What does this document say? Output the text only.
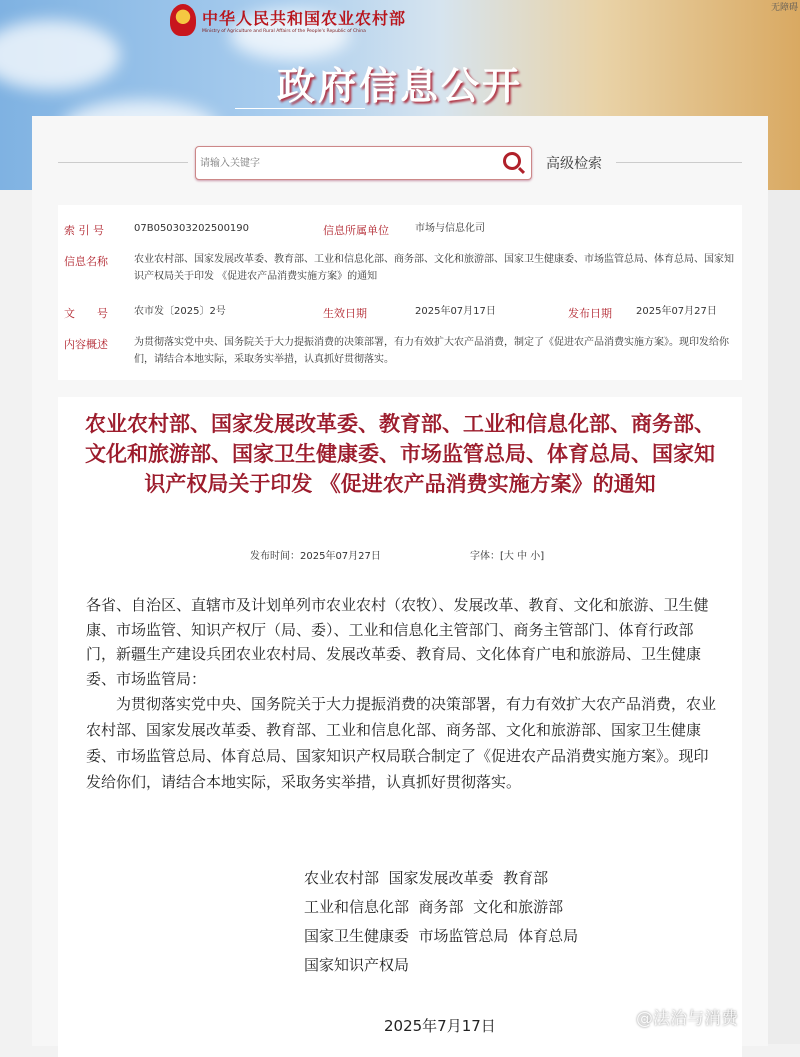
中华人民共和国农业农村部
Ministry of Agriculture and Rural Affairs of the People's Republic of China
无障碍
政府信息公开
请输入关键字
高级检索
索 引 号	07B050303202500190	信息所属单位	市场与信息化司
信息名称	农业农村部、国家发展改革委、教育部、工业和信息化部、商务部、文化和旅游部、国家卫生健康委、市场监管总局、体育总局、国家知识产权局关于印发 《促进农产品消费实施方案》的通知
文　　号	农市发〔2025〕2号	生效日期	2025年07月17日	发布日期 2025年07月27日
内容概述	为贯彻落实党中央、国务院关于大力提振消费的决策部署，有力有效扩大农产品消费，制定了《促进农产品消费实施方案》。现印发给你们，请结合本地实际，采取务实举措，认真抓好贯彻落实。
农业农村部、国家发展改革委、教育部、工业和信息化部、商务部、文化和旅游部、国家卫生健康委、市场监管总局、体育总局、国家知识产权局关于印发 《促进农产品消费实施方案》的通知
发布时间：2025年07月27日	字体：[大 中 小]
各省、自治区、直辖市及计划单列市农业农村（农牧）、发展改革、教育、文化和旅游、卫生健康、市场监管、知识产权厅（局、委）、工业和信息化主管部门、商务主管部门、体育行政部门，新疆生产建设兵团农业农村局、发展改革委、教育局、文化体育广电和旅游局、卫生健康委、市场监管局：
为贯彻落实党中央、国务院关于大力提振消费的决策部署，有力有效扩大农产品消费，农业农村部、国家发展改革委、教育部、工业和信息化部、商务部、文化和旅游部、国家卫生健康委、市场监管总局、体育总局、国家知识产权局联合制定了《促进农产品消费实施方案》。现印发给你们，请结合本地实际，采取务实举措，认真抓好贯彻落实。
农业农村部  国家发展改革委  教育部
工业和信息化部  商务部  文化和旅游部
国家卫生健康委  市场监管总局  体育总局
国家知识产权局
2025年7月17日	@法治与消费
